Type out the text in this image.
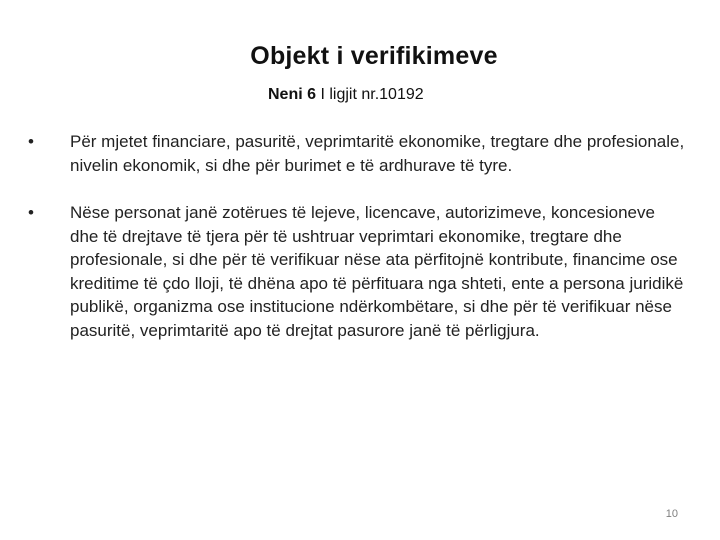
Objekt i verifikimeve
Neni 6 I ligjit nr.10192
•	Për mjetet financiare, pasuritë, veprimtaritë ekonomike, tregtare dhe profesionale, nivelin ekonomik, si dhe për burimet e të ardhurave të tyre.
•	Nëse personat janë zotërues të lejeve, licencave, autorizimeve, koncesioneve dhe të drejtave të tjera për të ushtruar veprimtari ekonomike, tregtare dhe profesionale, si dhe për të verifikuar nëse ata përfitojnë kontribute, financime ose kreditime të çdo lloji, të dhëna apo të përfituara nga shteti, ente a persona juridikë publikë, organizma ose institucione ndërkombëtare, si dhe për të verifikuar nëse pasuritë, veprimtaritë apo të drejtat pasurore janë të përligjura.
10
